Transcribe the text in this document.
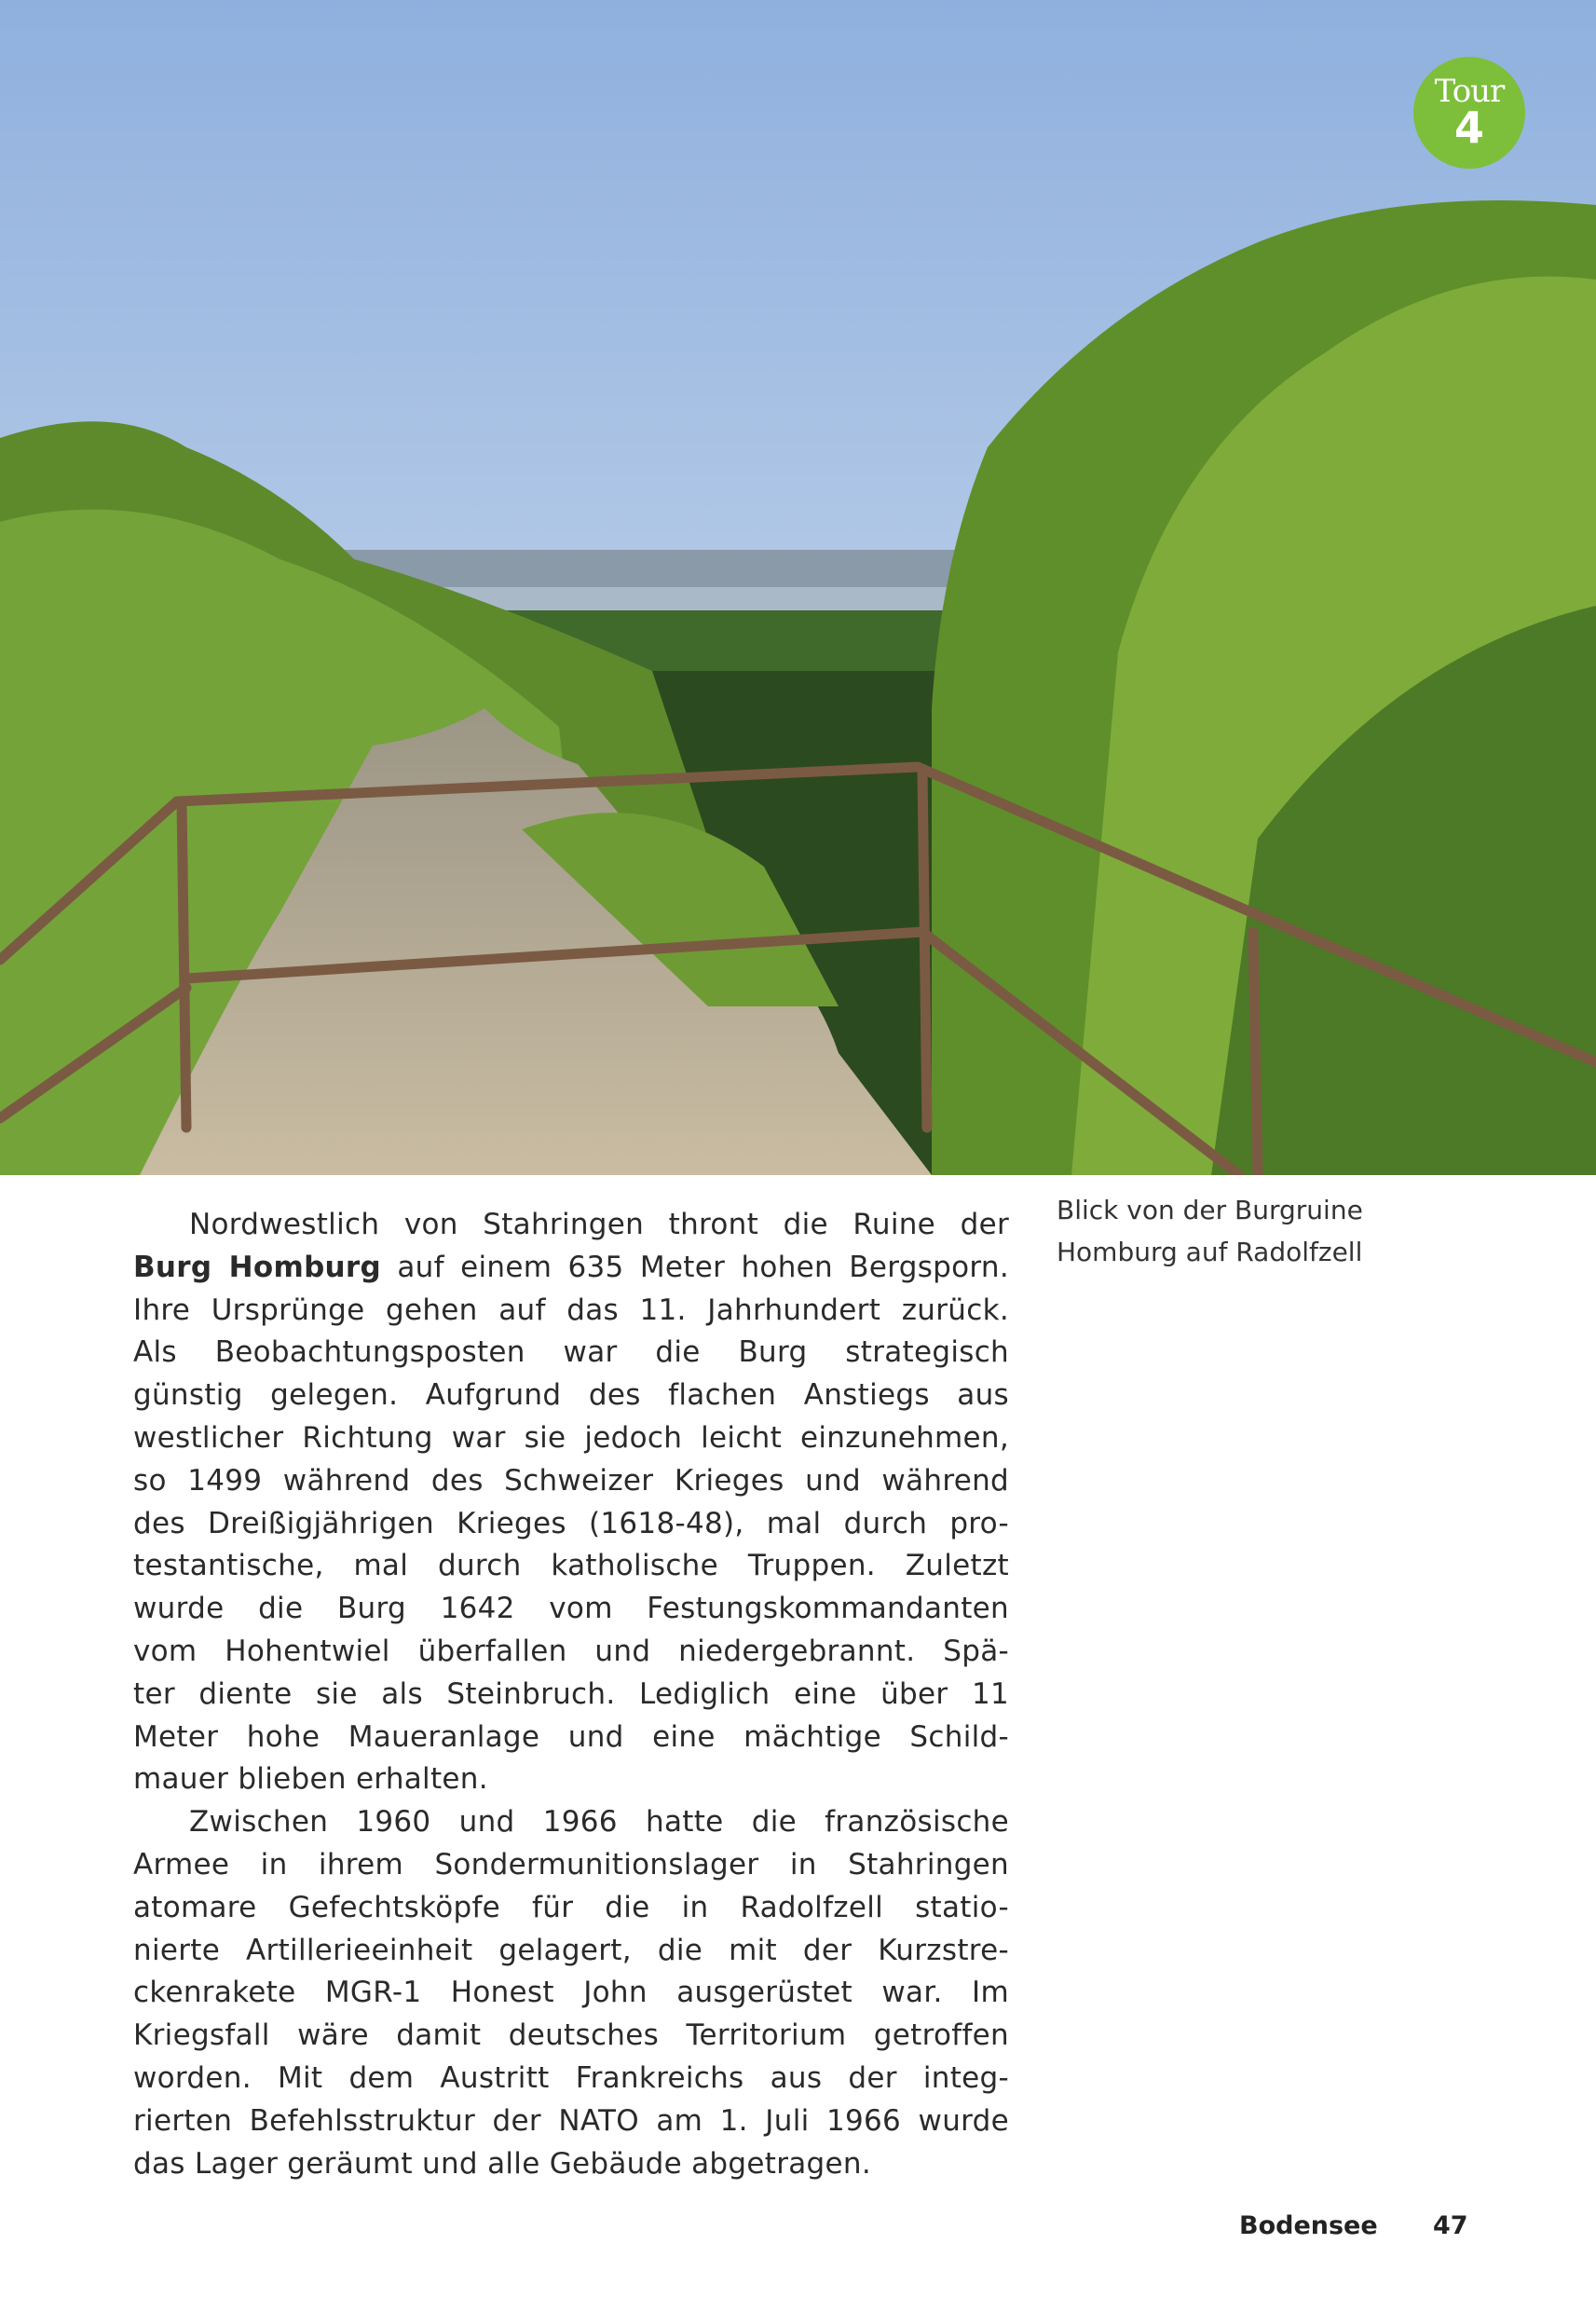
Tour
4
Blick von der Burgruine
Homburg auf Radolfzell
Nordwestlich von Stahringen thront die Ruine der
Burg Homburg auf einem 635 Meter hohen Bergsporn.
Ihre Ursprünge gehen auf das 11. Jahrhundert zurück.
Als Beobachtungsposten war die Burg strategisch
günstig gelegen. Aufgrund des flachen Anstiegs aus
westlicher Richtung war sie jedoch leicht einzunehmen,
so 1499 während des Schweizer Krieges und während
des Dreißigjährigen Krieges (1618-48), mal durch pro-
testantische, mal durch katholische Truppen. Zuletzt
wurde die Burg 1642 vom Festungskommandanten
vom Hohentwiel überfallen und niedergebrannt. Spä-
ter diente sie als Steinbruch. Lediglich eine über 11
Meter hohe Maueranlage und eine mächtige Schild-
mauer blieben erhalten.
Zwischen 1960 und 1966 hatte die französische
Armee in ihrem Sondermunitionslager in Stahringen
atomare Gefechtsköpfe für die in Radolfzell statio-
nierte Artillerieeinheit gelagert, die mit der Kurzstre-
ckenrakete MGR-1 Honest John ausgerüstet war. Im
Kriegsfall wäre damit deutsches Territorium getroffen
worden. Mit dem Austritt Frankreichs aus der integ-
rierten Befehlsstruktur der NATO am 1. Juli 1966 wurde
das Lager geräumt und alle Gebäude abgetragen.
Bodensee 47
